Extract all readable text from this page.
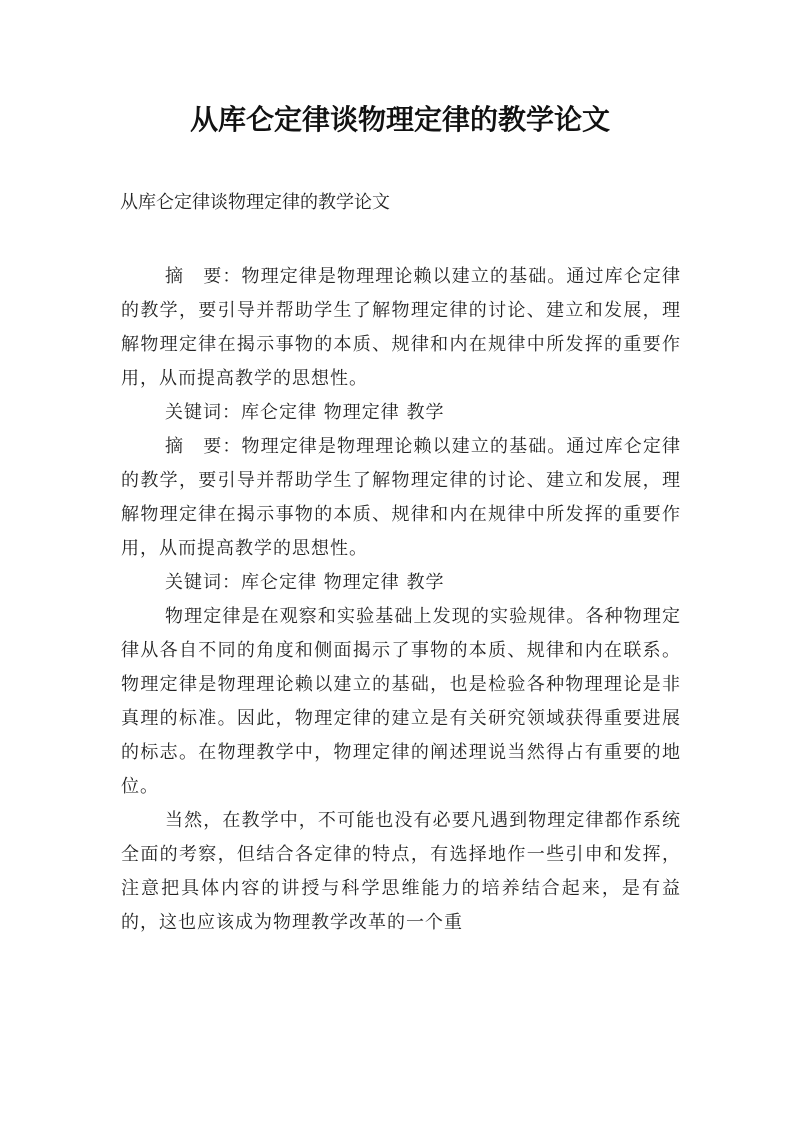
从库仑定律谈物理定律的教学论文

从库仑定律谈物理定律的教学论文

摘　要：物理定律是物理理论赖以建立的基础。通过库仑定律的教学，要引导并帮助学生了解物理定律的讨论、建立和发展，理解物理定律在揭示事物的本质、规律和内在规律中所发挥的重要作用，从而提高教学的思想性。

关键词：库仑定律 物理定律 教学

摘　要：物理定律是物理理论赖以建立的基础。通过库仑定律的教学，要引导并帮助学生了解物理定律的讨论、建立和发展，理解物理定律在揭示事物的本质、规律和内在规律中所发挥的重要作用，从而提高教学的思想性。

关键词：库仑定律 物理定律 教学

物理定律是在观察和实验基础上发现的实验规律。各种物理定律从各自不同的角度和侧面揭示了事物的本质、规律和内在联系。物理定律是物理理论赖以建立的基础，也是检验各种物理理论是非真理的标准。因此，物理定律的建立是有关研究领域获得重要进展的标志。在物理教学中，物理定律的阐述理说当然得占有重要的地位。

当然，在教学中，不可能也没有必要凡遇到物理定律都作系统全面的考察，但结合各定律的特点，有选择地作一些引申和发挥，注意把具体内容的讲授与科学思维能力的培养结合起来，是有益的，这也应该成为物理教学改革的一个重
